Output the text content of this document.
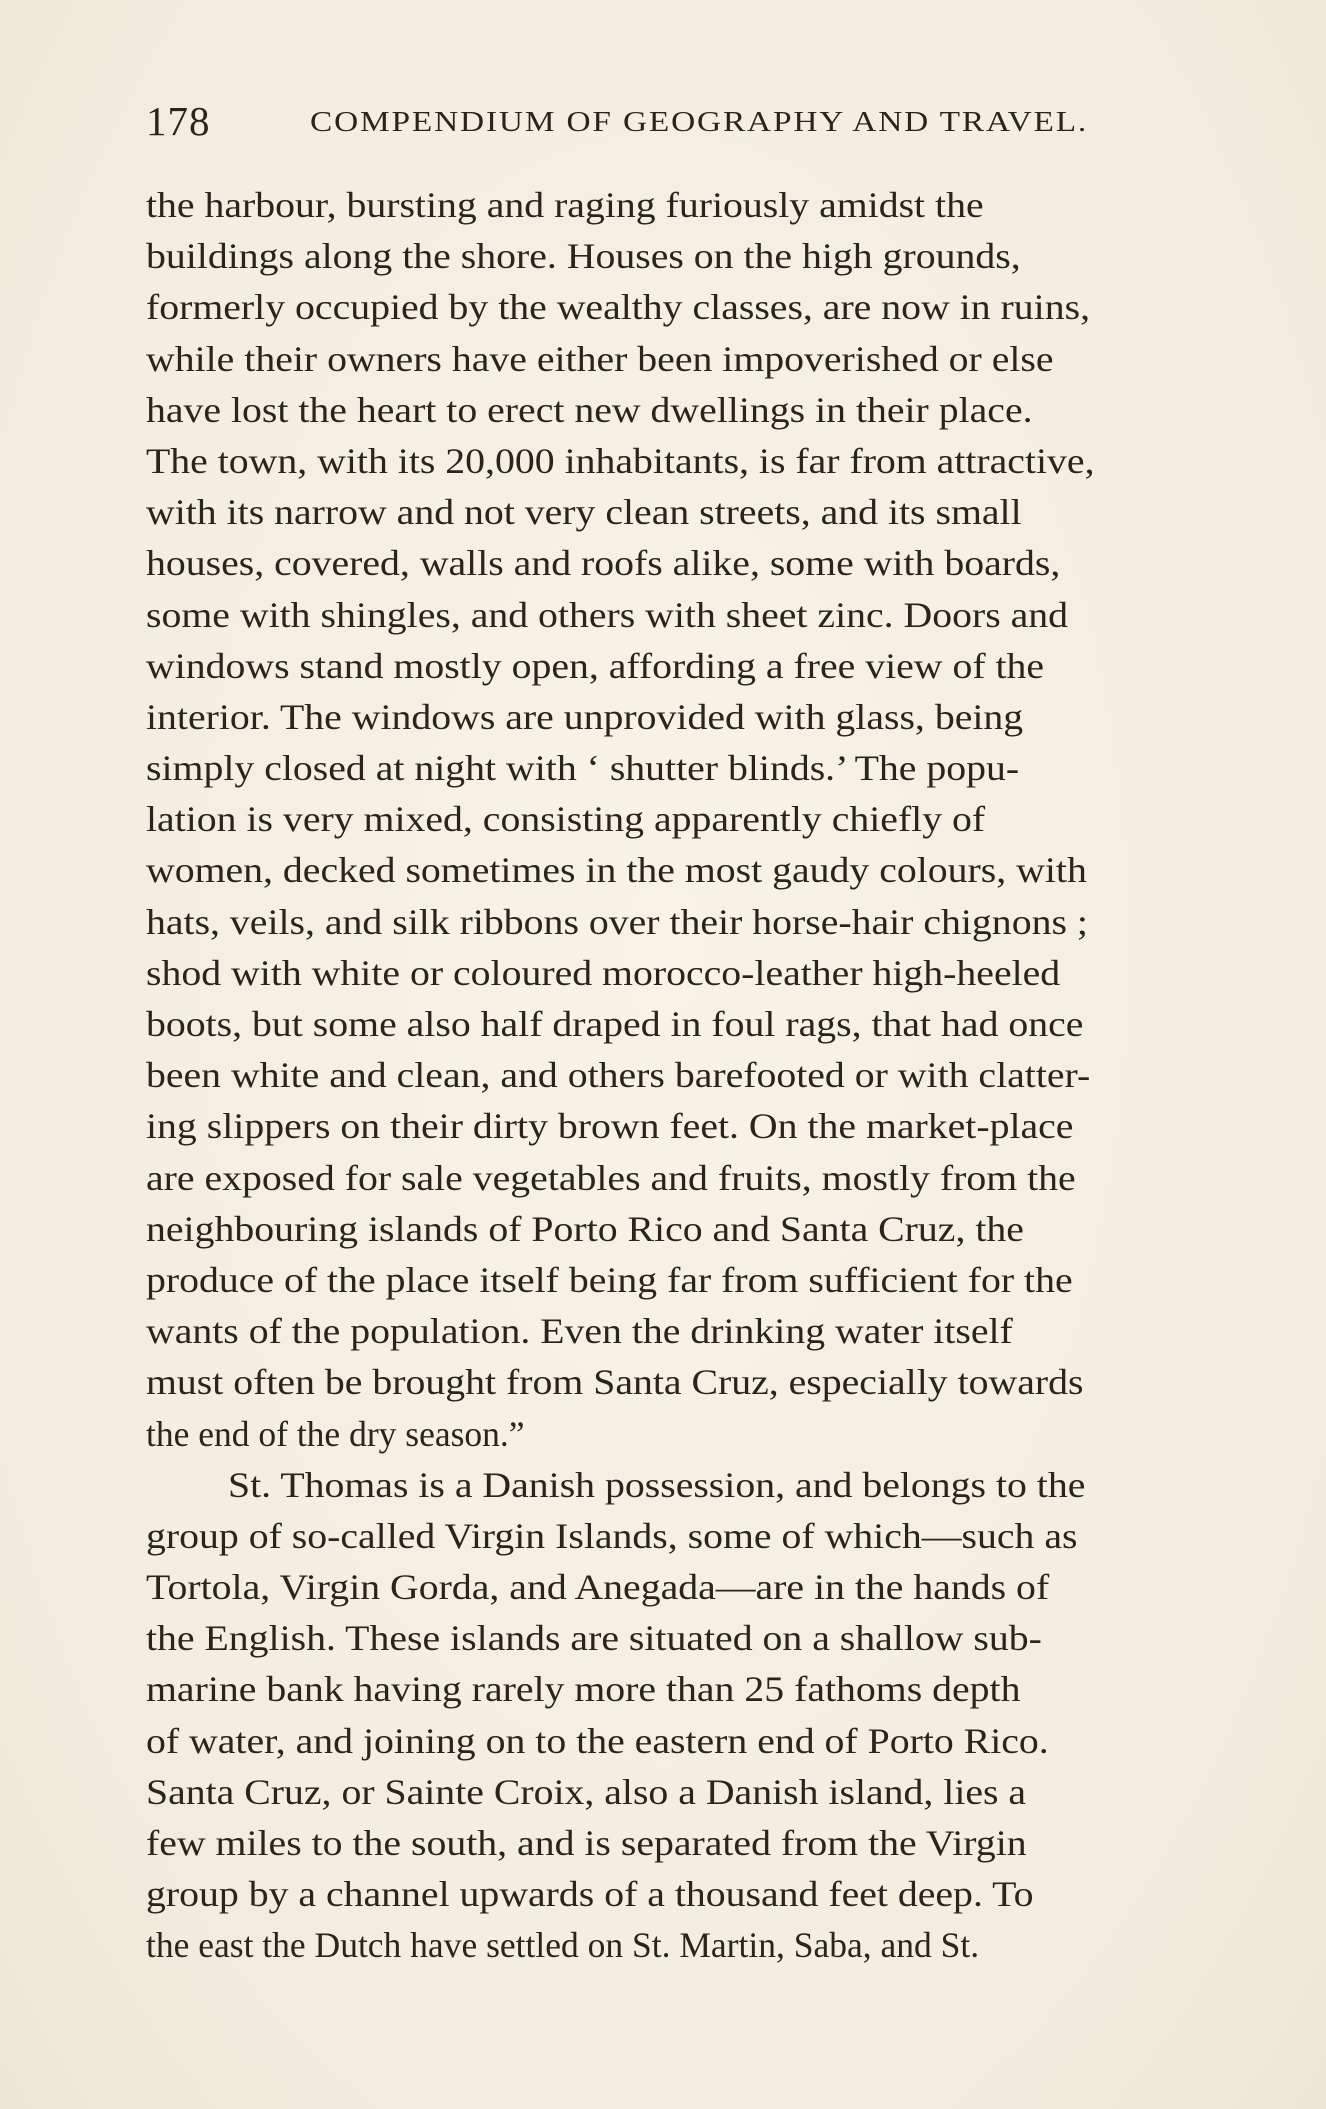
178	COMPENDIUM OF GEOGRAPHY AND TRAVEL.
the harbour, bursting and raging furiously amidst the
buildings along the shore. Houses on the high grounds,
formerly occupied by the wealthy classes, are now in ruins,
while their owners have either been impoverished or else
have lost the heart to erect new dwellings in their place.
The town, with its 20,000 inhabitants, is far from attractive,
with its narrow and not very clean streets, and its small
houses, covered, walls and roofs alike, some with boards,
some with shingles, and others with sheet zinc. Doors and
windows stand mostly open, affording a free view of the
interior. The windows are unprovided with glass, being
simply closed at night with ‘ shutter blinds.’ The popu-
lation is very mixed, consisting apparently chiefly of
women, decked sometimes in the most gaudy colours, with
hats, veils, and silk ribbons over their horse-hair chignons ;
shod with white or coloured morocco-leather high-heeled
boots, but some also half draped in foul rags, that had once
been white and clean, and others barefooted or with clatter-
ing slippers on their dirty brown feet. On the market-place
are exposed for sale vegetables and fruits, mostly from the
neighbouring islands of Porto Rico and Santa Cruz, the
produce of the place itself being far from sufficient for the
wants of the population. Even the drinking water itself
must often be brought from Santa Cruz, especially towards
the end of the dry season.”
St. Thomas is a Danish possession, and belongs to the
group of so-called Virgin Islands, some of which—such as
Tortola, Virgin Gorda, and Anegada—are in the hands of
the English. These islands are situated on a shallow sub-
marine bank having rarely more than 25 fathoms depth
of water, and joining on to the eastern end of Porto Rico.
Santa Cruz, or Sainte Croix, also a Danish island, lies a
few miles to the south, and is separated from the Virgin
group by a channel upwards of a thousand feet deep. To
the east the Dutch have settled on St. Martin, Saba, and St.
